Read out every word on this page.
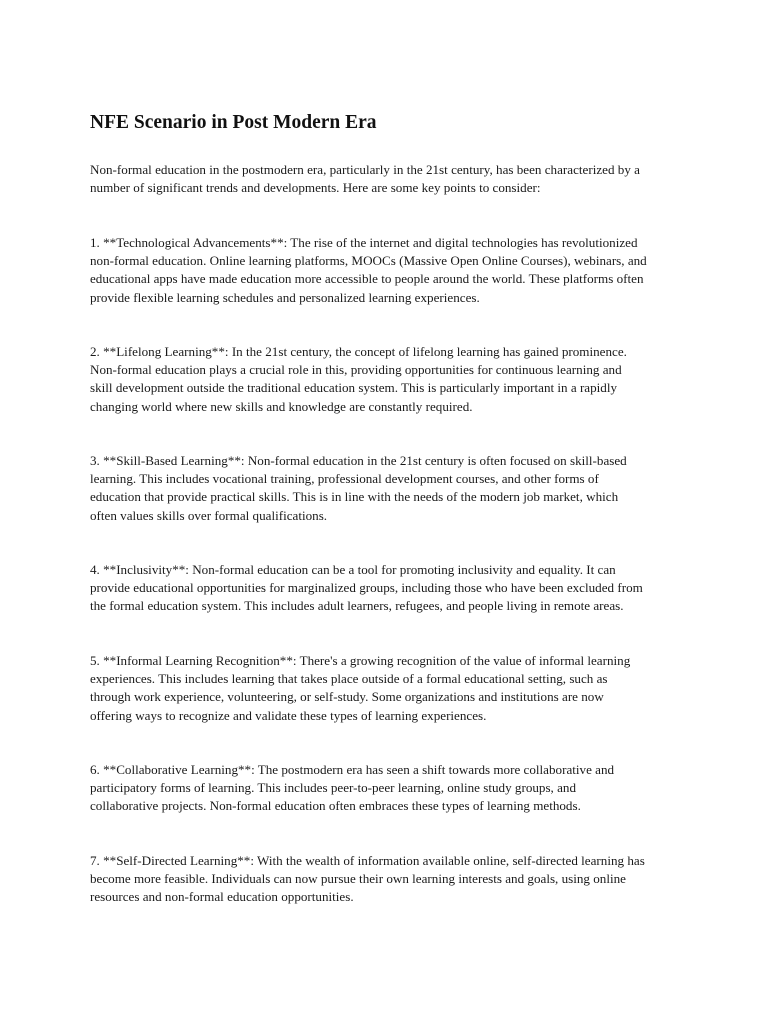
NFE Scenario in Post Modern Era

Non-formal education in the postmodern era, particularly in the 21st century, has been characterized by a
number of significant trends and developments. Here are some key points to consider:

1. **Technological Advancements**: The rise of the internet and digital technologies has revolutionized
non-formal education. Online learning platforms, MOOCs (Massive Open Online Courses), webinars, and
educational apps have made education more accessible to people around the world. These platforms often
provide flexible learning schedules and personalized learning experiences.

2. **Lifelong Learning**: In the 21st century, the concept of lifelong learning has gained prominence.
Non-formal education plays a crucial role in this, providing opportunities for continuous learning and
skill development outside the traditional education system. This is particularly important in a rapidly
changing world where new skills and knowledge are constantly required.

3. **Skill-Based Learning**: Non-formal education in the 21st century is often focused on skill-based
learning. This includes vocational training, professional development courses, and other forms of
education that provide practical skills. This is in line with the needs of the modern job market, which
often values skills over formal qualifications.

4. **Inclusivity**: Non-formal education can be a tool for promoting inclusivity and equality. It can
provide educational opportunities for marginalized groups, including those who have been excluded from
the formal education system. This includes adult learners, refugees, and people living in remote areas.

5. **Informal Learning Recognition**: There's a growing recognition of the value of informal learning
experiences. This includes learning that takes place outside of a formal educational setting, such as
through work experience, volunteering, or self-study. Some organizations and institutions are now
offering ways to recognize and validate these types of learning experiences.

6. **Collaborative Learning**: The postmodern era has seen a shift towards more collaborative and
participatory forms of learning. This includes peer-to-peer learning, online study groups, and
collaborative projects. Non-formal education often embraces these types of learning methods.

7. **Self-Directed Learning**: With the wealth of information available online, self-directed learning has
become more feasible. Individuals can now pursue their own learning interests and goals, using online
resources and non-formal education opportunities.
